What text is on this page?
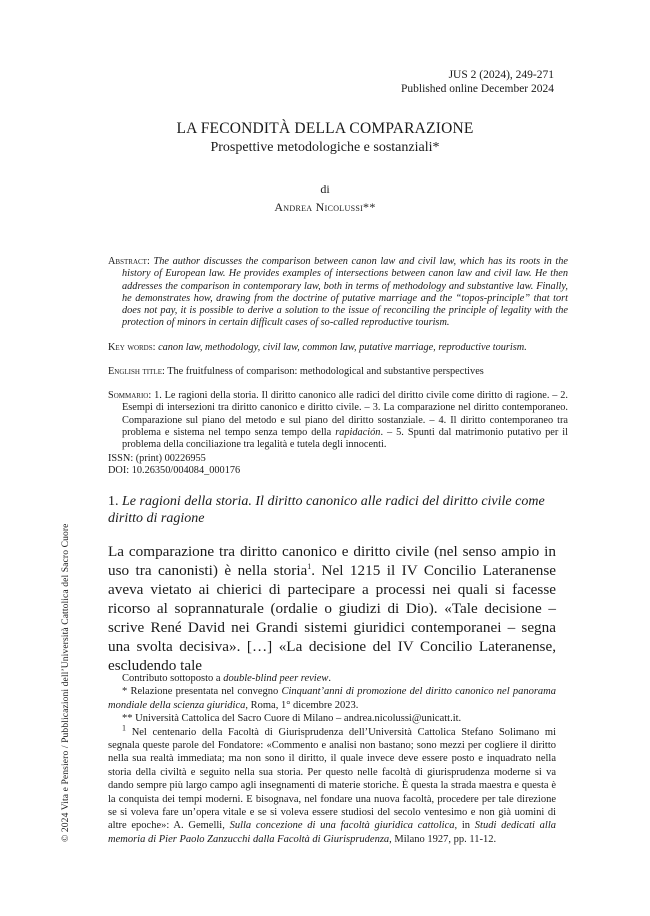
JUS 2 (2024), 249-271
Published online December 2024
LA FECONDITÀ DELLA COMPARAZIONE
Prospettive metodologiche e sostanziali*
di
Andrea Nicolussi**
Abstract: The author discusses the comparison between canon law and civil law, which has its roots in the history of European law. He provides examples of intersections between canon law and civil law. He then addresses the comparison in contemporary law, both in terms of methodology and substantive law. Finally, he demonstrates how, drawing from the doctrine of putative marriage and the “topos-principle” that tort does not pay, it is possible to derive a solution to the issue of reconciling the principle of legality with the protection of minors in certain difficult cases of so-called reproductive tourism.
Key words: canon law, methodology, civil law, common law, putative marriage, reproductive tourism.
English title: The fruitfulness of comparison: methodological and substantive perspectives
Sommario: 1. Le ragioni della storia. Il diritto canonico alle radici del diritto civile come diritto di ragione. – 2. Esempi di intersezioni tra diritto canonico e diritto civile. – 3. La comparazione nel diritto contemporaneo. Comparazione sul piano del metodo e sul piano del diritto sostanziale. – 4. Il diritto contemporaneo tra problema e sistema nel tempo senza tempo della rapidación. – 5. Spunti dal matrimonio putativo per il problema della conciliazione tra legalità e tutela degli innocenti.
ISSN: (print) 00226955
DOI: 10.26350/004084_000176
1. Le ragioni della storia. Il diritto canonico alle radici del diritto civile come diritto di ragione
La comparazione tra diritto canonico e diritto civile (nel senso ampio in uso tra canonisti) è nella storia$^1$. Nel 1215 il IV Concilio Lateranense aveva vietato ai chierici di partecipare a processi nei quali si facesse ricorso al soprannaturale (ordalie o giudizi di Dio). «Tale decisione – scrive René David nei Grandi sistemi giuridici contemporanei – segna una svolta decisiva». […] «La decisione del IV Concilio Lateranense, escludendo tale

Contributo sottoposto a double-blind peer review.

* Relazione presentata nel convegno Cinquant’anni di promozione del diritto canonico nel panorama mondiale della scienza giuridica, Roma, 1° dicembre 2023.

** Università Cattolica del Sacro Cuore di Milano – andrea.nicolussi@unicatt.it.

$^1$ Nel centenario della Facoltà di Giurisprudenza dell’Università Cattolica Stefano Solimano mi segnala queste parole del Fondatore: «Commento e analisi non bastano; sono mezzi per cogliere il diritto nella sua realtà immediata; ma non sono il diritto, il quale invece deve essere posto e inquadrato nella storia della civiltà e seguito nella sua storia. Per questo nelle facoltà di giurisprudenza moderne si va dando sempre più largo campo agli insegnamenti di materie storiche. È questa la strada maestra e questa è la conquista dei tempi moderni. E bisognava, nel fondare una nuova facoltà, procedere per tale direzione se si voleva fare un’opera vitale e se si voleva essere studiosi del secolo ventesimo e non già uomini di altre epoche»: A. Gemelli, Sulla concezione di una facoltà giuridica cattolica, in Studi dedicati alla memoria di Pier Paolo Zanzucchi dalla Facoltà di Giurisprudenza, Milano 1927, pp. 11-12.

© 2024 Vita e Pensiero / Pubblicazioni dell’Università Cattolica del Sacro Cuore
